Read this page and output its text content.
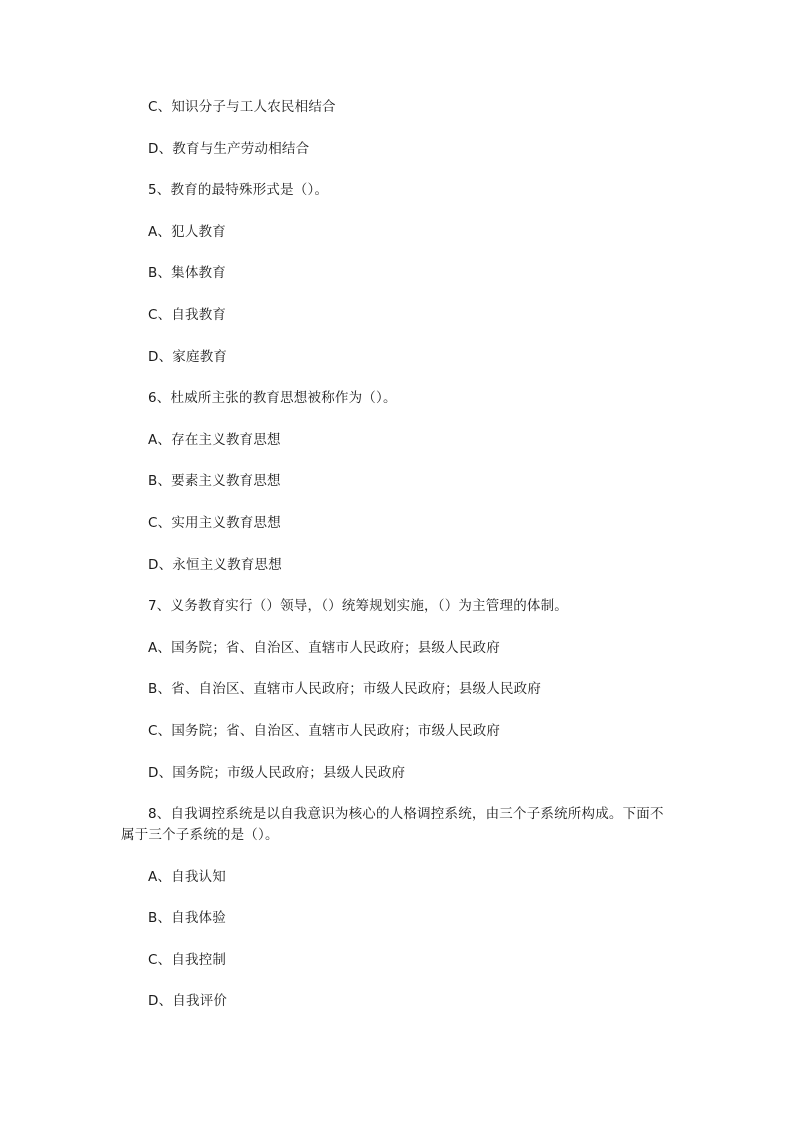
C、知识分子与工人农民相结合
D、教育与生产劳动相结合
5、教育的最特殊形式是（）。
A、犯人教育
B、集体教育
C、自我教育
D、家庭教育
6、杜威所主张的教育思想被称作为（）。
A、存在主义教育思想
B、要素主义教育思想
C、实用主义教育思想
D、永恒主义教育思想
7、义务教育实行（）领导，（）统筹规划实施，（）为主管理的体制。
A、国务院；省、自治区、直辖市人民政府；县级人民政府
B、省、自治区、直辖市人民政府；市级人民政府；县级人民政府
C、国务院；省、自治区、直辖市人民政府；市级人民政府
D、国务院；市级人民政府；县级人民政府
8、自我调控系统是以自我意识为核心的人格调控系统，由三个子系统所构成。下面不属于三个子系统的是（）。
A、自我认知
B、自我体验
C、自我控制
D、自我评价
